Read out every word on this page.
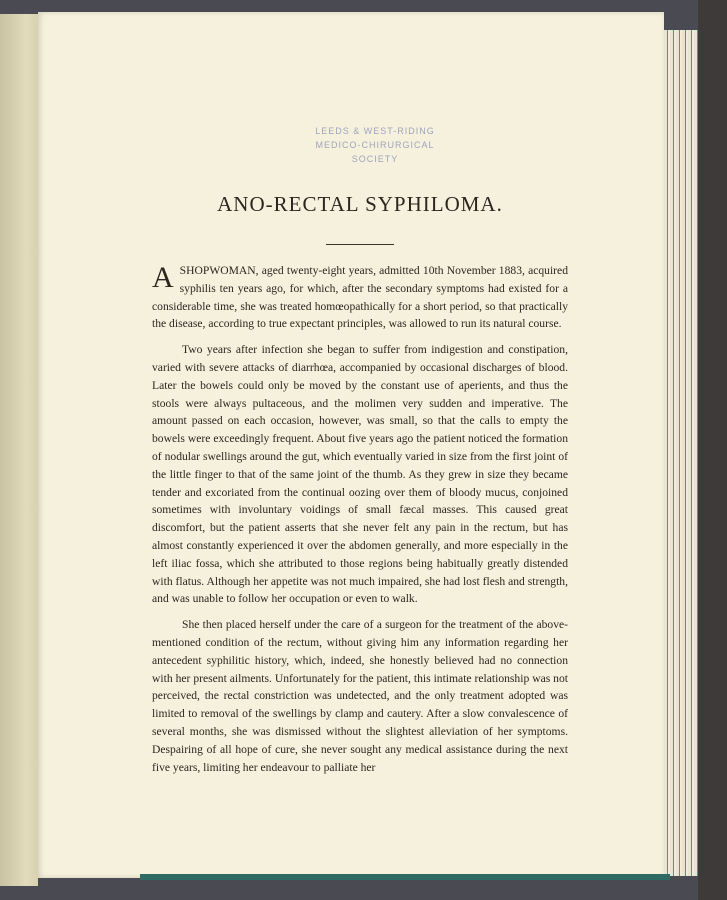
LEEDS & WEST-RIDING
MEDICO-CHIRURGICAL SOCIETY
ANO-RECTAL SYPHILOMA.

ASHOPWOMAN, aged twenty-eight years, admitted 10th November 1883, acquired syphilis ten years ago, for which, after the secondary symptoms had existed for a considerable time, she was treated homœopathically for a short period, so that practically the disease, according to true expectant principles, was allowed to run its natural course.

Two years after infection she began to suffer from indigestion and constipation, varied with severe attacks of diarrhœa, accompanied by occasional discharges of blood. Later the bowels could only be moved by the constant use of aperients, and thus the stools were always pultaceous, and the molimen very sudden and imperative. The amount passed on each occasion, however, was small, so that the calls to empty the bowels were exceedingly frequent. About five years ago the patient noticed the formation of nodular swellings around the gut, which eventually varied in size from the first joint of the little finger to that of the same joint of the thumb. As they grew in size they became tender and excoriated from the continual oozing over them of bloody mucus, conjoined sometimes with involuntary voidings of small fæcal masses. This caused great discomfort, but the patient asserts that she never felt any pain in the rectum, but has almost constantly experienced it over the abdomen generally, and more especially in the left iliac fossa, which she attributed to those regions being habitually greatly distended with flatus. Although her appetite was not much impaired, she had lost flesh and strength, and was unable to follow her occupation or even to walk.

She then placed herself under the care of a surgeon for the treatment of the above-mentioned condition of the rectum, without giving him any information regarding her antecedent syphilitic history, which, indeed, she honestly believed had no connection with her present ailments. Unfortunately for the patient, this intimate relationship was not perceived, the rectal constriction was undetected, and the only treatment adopted was limited to removal of the swellings by clamp and cautery. After a slow convalescence of several months, she was dismissed without the slightest alleviation of her symptoms. Despairing of all hope of cure, she never sought any medical assistance during the next five years, limiting her endeavour to palliate her
